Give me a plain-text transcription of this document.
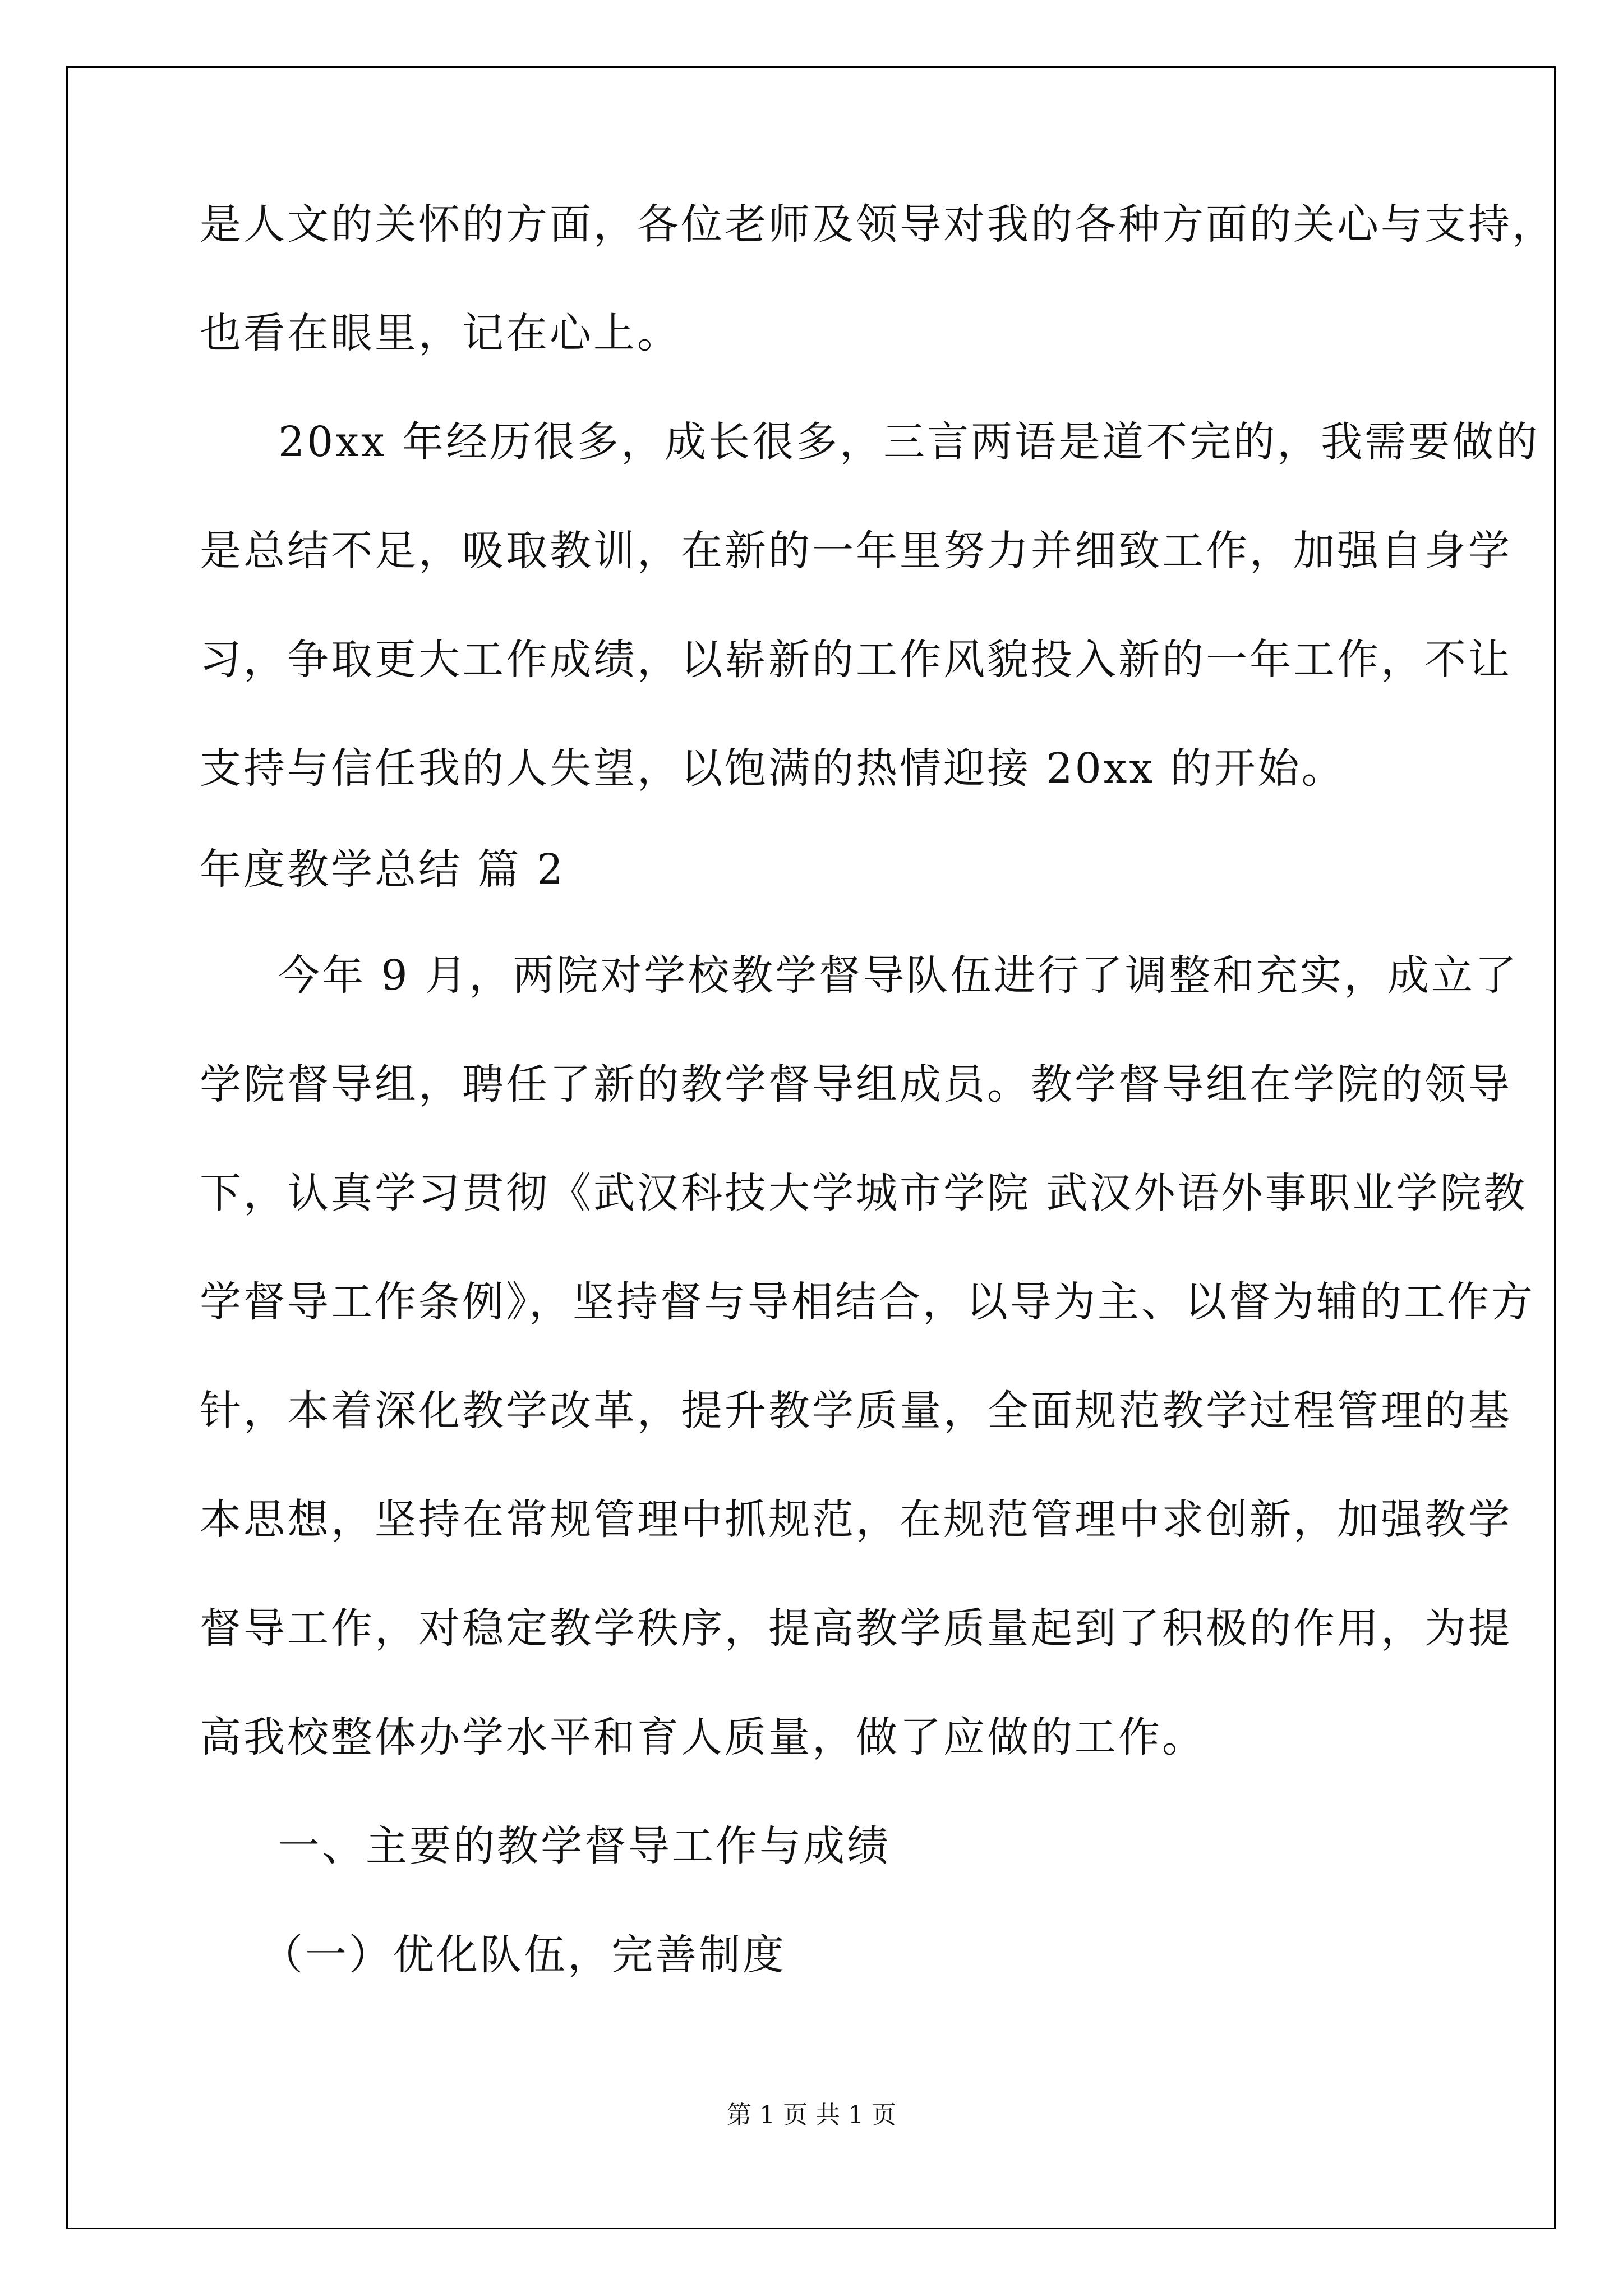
是人文的关怀的方面，各位老师及领导对我的各种方面的关心与支持，

也看在眼里，记在心上。

20xx 年经历很多，成长很多，三言两语是道不完的，我需要做的

是总结不足，吸取教训，在新的一年里努力并细致工作，加强自身学

习，争取更大工作成绩，以崭新的工作风貌投入新的一年工作，不让

支持与信任我的人失望，以饱满的热情迎接 20xx 的开始。

年度教学总结 篇 2

今年 9 月，两院对学校教学督导队伍进行了调整和充实，成立了

学院督导组，聘任了新的教学督导组成员。教学督导组在学院的领导

下，认真学习贯彻《武汉科技大学城市学院 武汉外语外事职业学院教

学督导工作条例》，坚持督与导相结合，以导为主、以督为辅的工作方

针，本着深化教学改革，提升教学质量，全面规范教学过程管理的基

本思想，坚持在常规管理中抓规范，在规范管理中求创新，加强教学

督导工作，对稳定教学秩序，提高教学质量起到了积极的作用，为提

高我校整体办学水平和育人质量，做了应做的工作。

一、主要的教学督导工作与成绩

（一）优化队伍，完善制度

第 1 页 共 1 页
